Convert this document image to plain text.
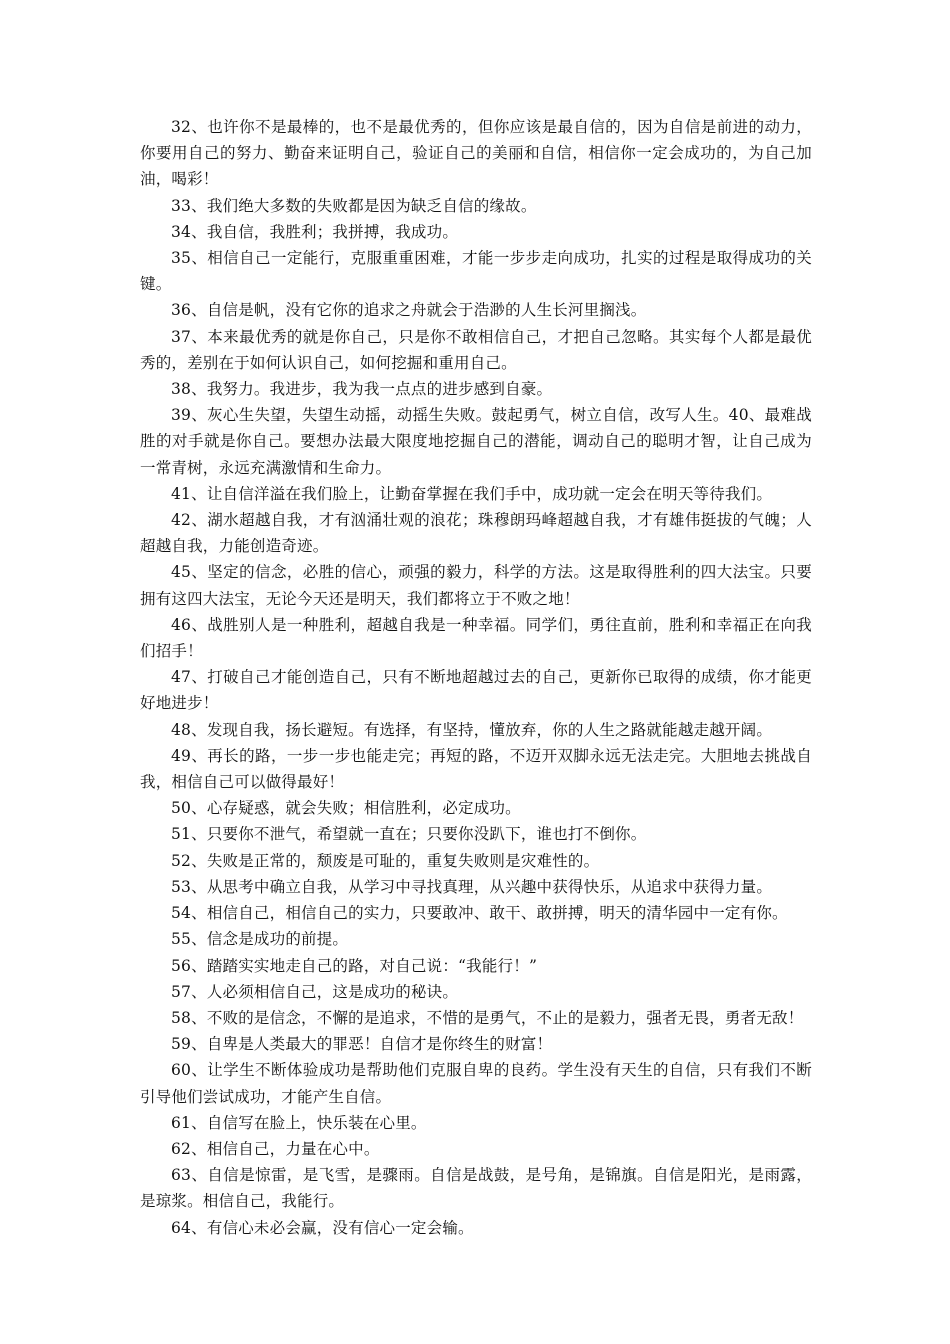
32、也许你不是最棒的，也不是最优秀的，但你应该是最自信的，因为自信是前进的动力，你要用自己的努力、勤奋来证明自己，验证自己的美丽和自信，相信你一定会成功的，为自己加油，喝彩！

33、我们绝大多数的失败都是因为缺乏自信的缘故。

34、我自信，我胜利；我拼搏，我成功。

35、相信自己一定能行，克服重重困难，才能一步步走向成功，扎实的过程是取得成功的关键。

36、自信是帆，没有它你的追求之舟就会于浩渺的人生长河里搁浅。

37、本来最优秀的就是你自己，只是你不敢相信自己，才把自己忽略。其实每个人都是最优秀的，差别在于如何认识自己，如何挖掘和重用自己。

38、我努力。我进步，我为我一点点的进步感到自豪。

39、灰心生失望，失望生动摇，动摇生失败。鼓起勇气，树立自信，改写人生。40、最难战胜的对手就是你自己。要想办法最大限度地挖掘自己的潜能，调动自己的聪明才智，让自己成为一常青树，永远充满激情和生命力。

41、让自信洋溢在我们脸上，让勤奋掌握在我们手中，成功就一定会在明天等待我们。

42、湖水超越自我，才有汹涌壮观的浪花；珠穆朗玛峰超越自我，才有雄伟挺拔的气魄；人超越自我，力能创造奇迹。

45、坚定的信念，必胜的信心，顽强的毅力，科学的方法。这是取得胜利的四大法宝。只要拥有这四大法宝，无论今天还是明天，我们都将立于不败之地！

46、战胜别人是一种胜利，超越自我是一种幸福。同学们，勇往直前，胜利和幸福正在向我们招手！

47、打破自己才能创造自己，只有不断地超越过去的自己，更新你已取得的成绩，你才能更好地进步！

48、发现自我，扬长避短。有选择，有坚持，懂放弃，你的人生之路就能越走越开阔。

49、再长的路，一步一步也能走完；再短的路，不迈开双脚永远无法走完。大胆地去挑战自我，相信自己可以做得最好！

50、心存疑惑，就会失败；相信胜利，必定成功。

51、只要你不泄气，希望就一直在；只要你没趴下，谁也打不倒你。

52、失败是正常的，颓废是可耻的，重复失败则是灾难性的。

53、从思考中确立自我，从学习中寻找真理，从兴趣中获得快乐，从追求中获得力量。

54、相信自己，相信自己的实力，只要敢冲、敢干、敢拼搏，明天的清华园中一定有你。

55、信念是成功的前提。

56、踏踏实实地走自己的路，对自己说：“我能行！”

57、人必须相信自己，这是成功的秘诀。

58、不败的是信念，不懈的是追求，不惜的是勇气，不止的是毅力，强者无畏，勇者无敌！

59、自卑是人类最大的罪恶！自信才是你终生的财富！

60、让学生不断体验成功是帮助他们克服自卑的良药。学生没有天生的自信，只有我们不断引导他们尝试成功，才能产生自信。

61、自信写在脸上，快乐装在心里。

62、相信自己，力量在心中。

63、自信是惊雷，是飞雪，是骤雨。自信是战鼓，是号角，是锦旗。自信是阳光，是雨露，是琼浆。相信自己，我能行。

64、有信心未必会赢，没有信心一定会输。
